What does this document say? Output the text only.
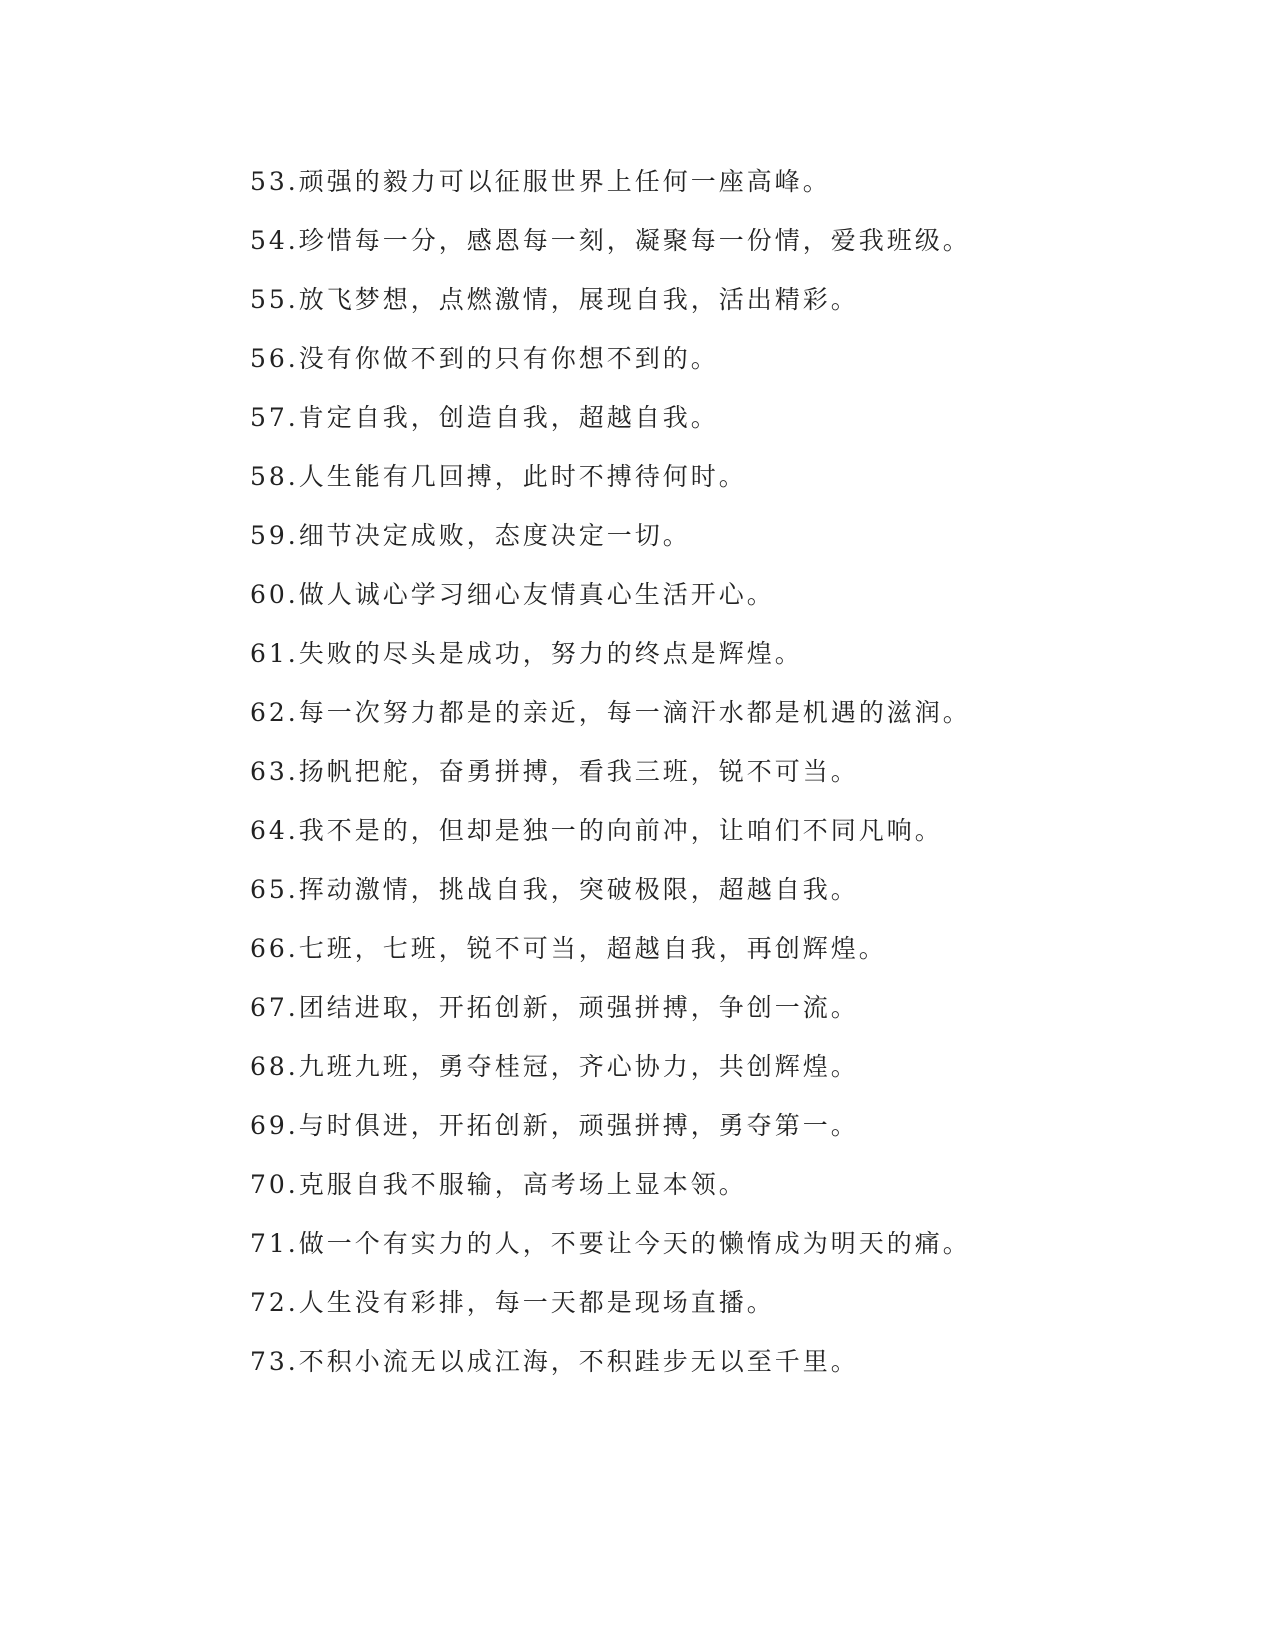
53.顽强的毅力可以征服世界上任何一座高峰。
54.珍惜每一分，感恩每一刻，凝聚每一份情，爱我班级。
55.放飞梦想，点燃激情，展现自我，活出精彩。
56.没有你做不到的只有你想不到的。
57.肯定自我，创造自我，超越自我。
58.人生能有几回搏，此时不搏待何时。
59.细节决定成败，态度决定一切。
60.做人诚心学习细心友情真心生活开心。
61.失败的尽头是成功，努力的终点是辉煌。
62.每一次努力都是的亲近，每一滴汗水都是机遇的滋润。
63.扬帆把舵，奋勇拼搏，看我三班，锐不可当。
64.我不是的，但却是独一的向前冲，让咱们不同凡响。
65.挥动激情，挑战自我，突破极限，超越自我。
66.七班，七班，锐不可当，超越自我，再创辉煌。
67.团结进取，开拓创新，顽强拼搏，争创一流。
68.九班九班，勇夺桂冠，齐心协力，共创辉煌。
69.与时俱进，开拓创新，顽强拼搏，勇夺第一。
70.克服自我不服输，高考场上显本领。
71.做一个有实力的人，不要让今天的懒惰成为明天的痛。
72.人生没有彩排，每一天都是现场直播。
73.不积小流无以成江海，不积跬步无以至千里。
